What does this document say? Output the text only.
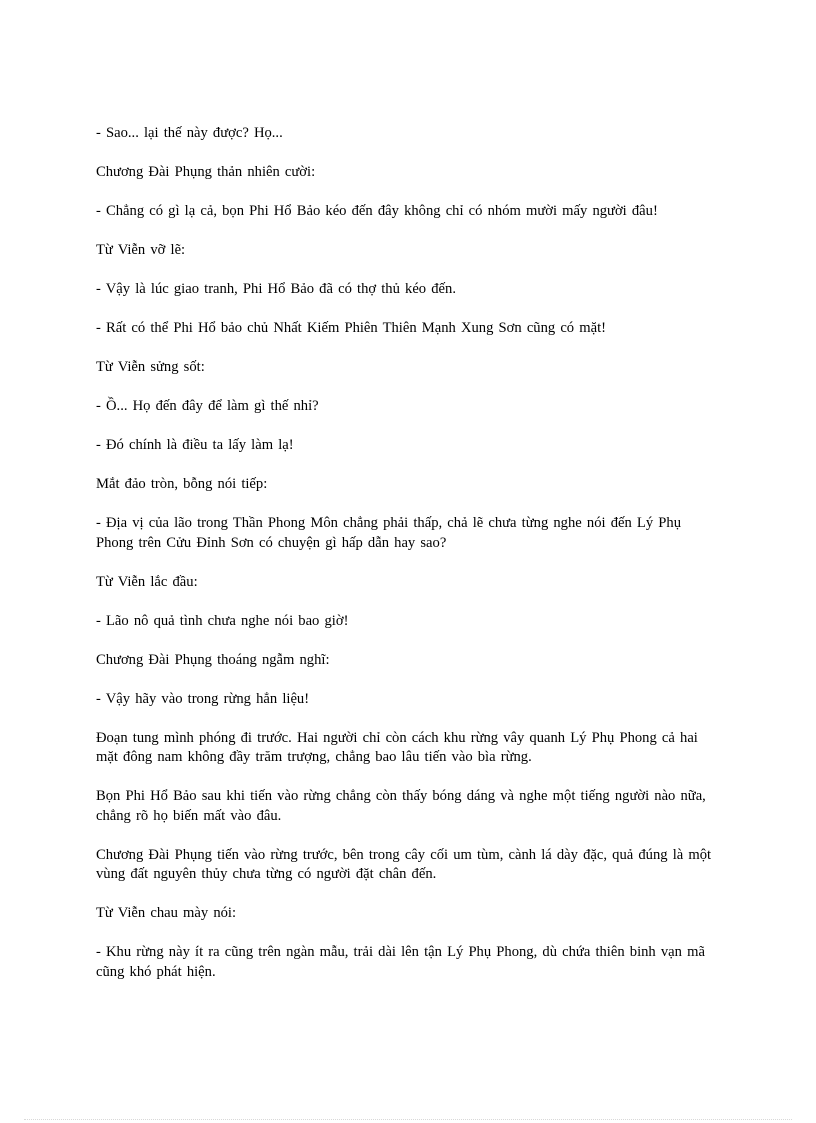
- Sao... lại thế này được? Họ...

Chương Đài Phụng thản nhiên cười:

- Chẳng có gì lạ cả, bọn Phi Hổ Bảo kéo đến đây không chỉ có nhóm mười mấy người đâu!

Từ Viễn vỡ lẽ:

- Vậy là lúc giao tranh, Phi Hổ Bảo đã có thợ thủ kéo đến.

- Rất có thể Phi Hổ bảo chủ Nhất Kiếm Phiên Thiên Mạnh Xung Sơn cũng có mặt!

Từ Viễn sửng sốt:

- Ồ... Họ đến đây để làm gì thế nhỉ?

- Đó chính là điều ta lấy làm lạ!

Mắt đảo tròn, bỗng nói tiếp:

- Địa vị của lão trong Thần Phong Môn chẳng phải thấp, chả lẽ chưa từng nghe nói đến Lý Phụ Phong trên Cửu Đỉnh Sơn có chuyện gì hấp dẫn hay sao?

Từ Viễn lắc đầu:

- Lão nô quả tình chưa nghe nói bao giờ!

Chương Đài Phụng thoáng ngẫm nghĩ:

- Vậy hãy vào trong rừng hẳn liệu!

Đoạn tung mình phóng đi trước. Hai người chỉ còn cách khu rừng vây quanh Lý Phụ Phong cả hai mặt đông nam không đầy trăm trượng, chẳng bao lâu tiến vào bìa rừng.

Bọn Phi Hổ Bảo sau khi tiến vào rừng chẳng còn thấy bóng dáng và nghe một tiếng người nào nữa, chẳng rõ họ biến mất vào đâu.

Chương Đài Phụng tiến vào rừng trước, bên trong cây cối um tùm, cành lá dày đặc, quả đúng là một vùng đất nguyên thủy chưa từng có người đặt chân đến.

Từ Viễn chau mày nói:

- Khu rừng này ít ra cũng trên ngàn mẫu, trải dài lên tận Lý Phụ Phong, dù chứa thiên binh vạn mã cũng khó phát hiện.
